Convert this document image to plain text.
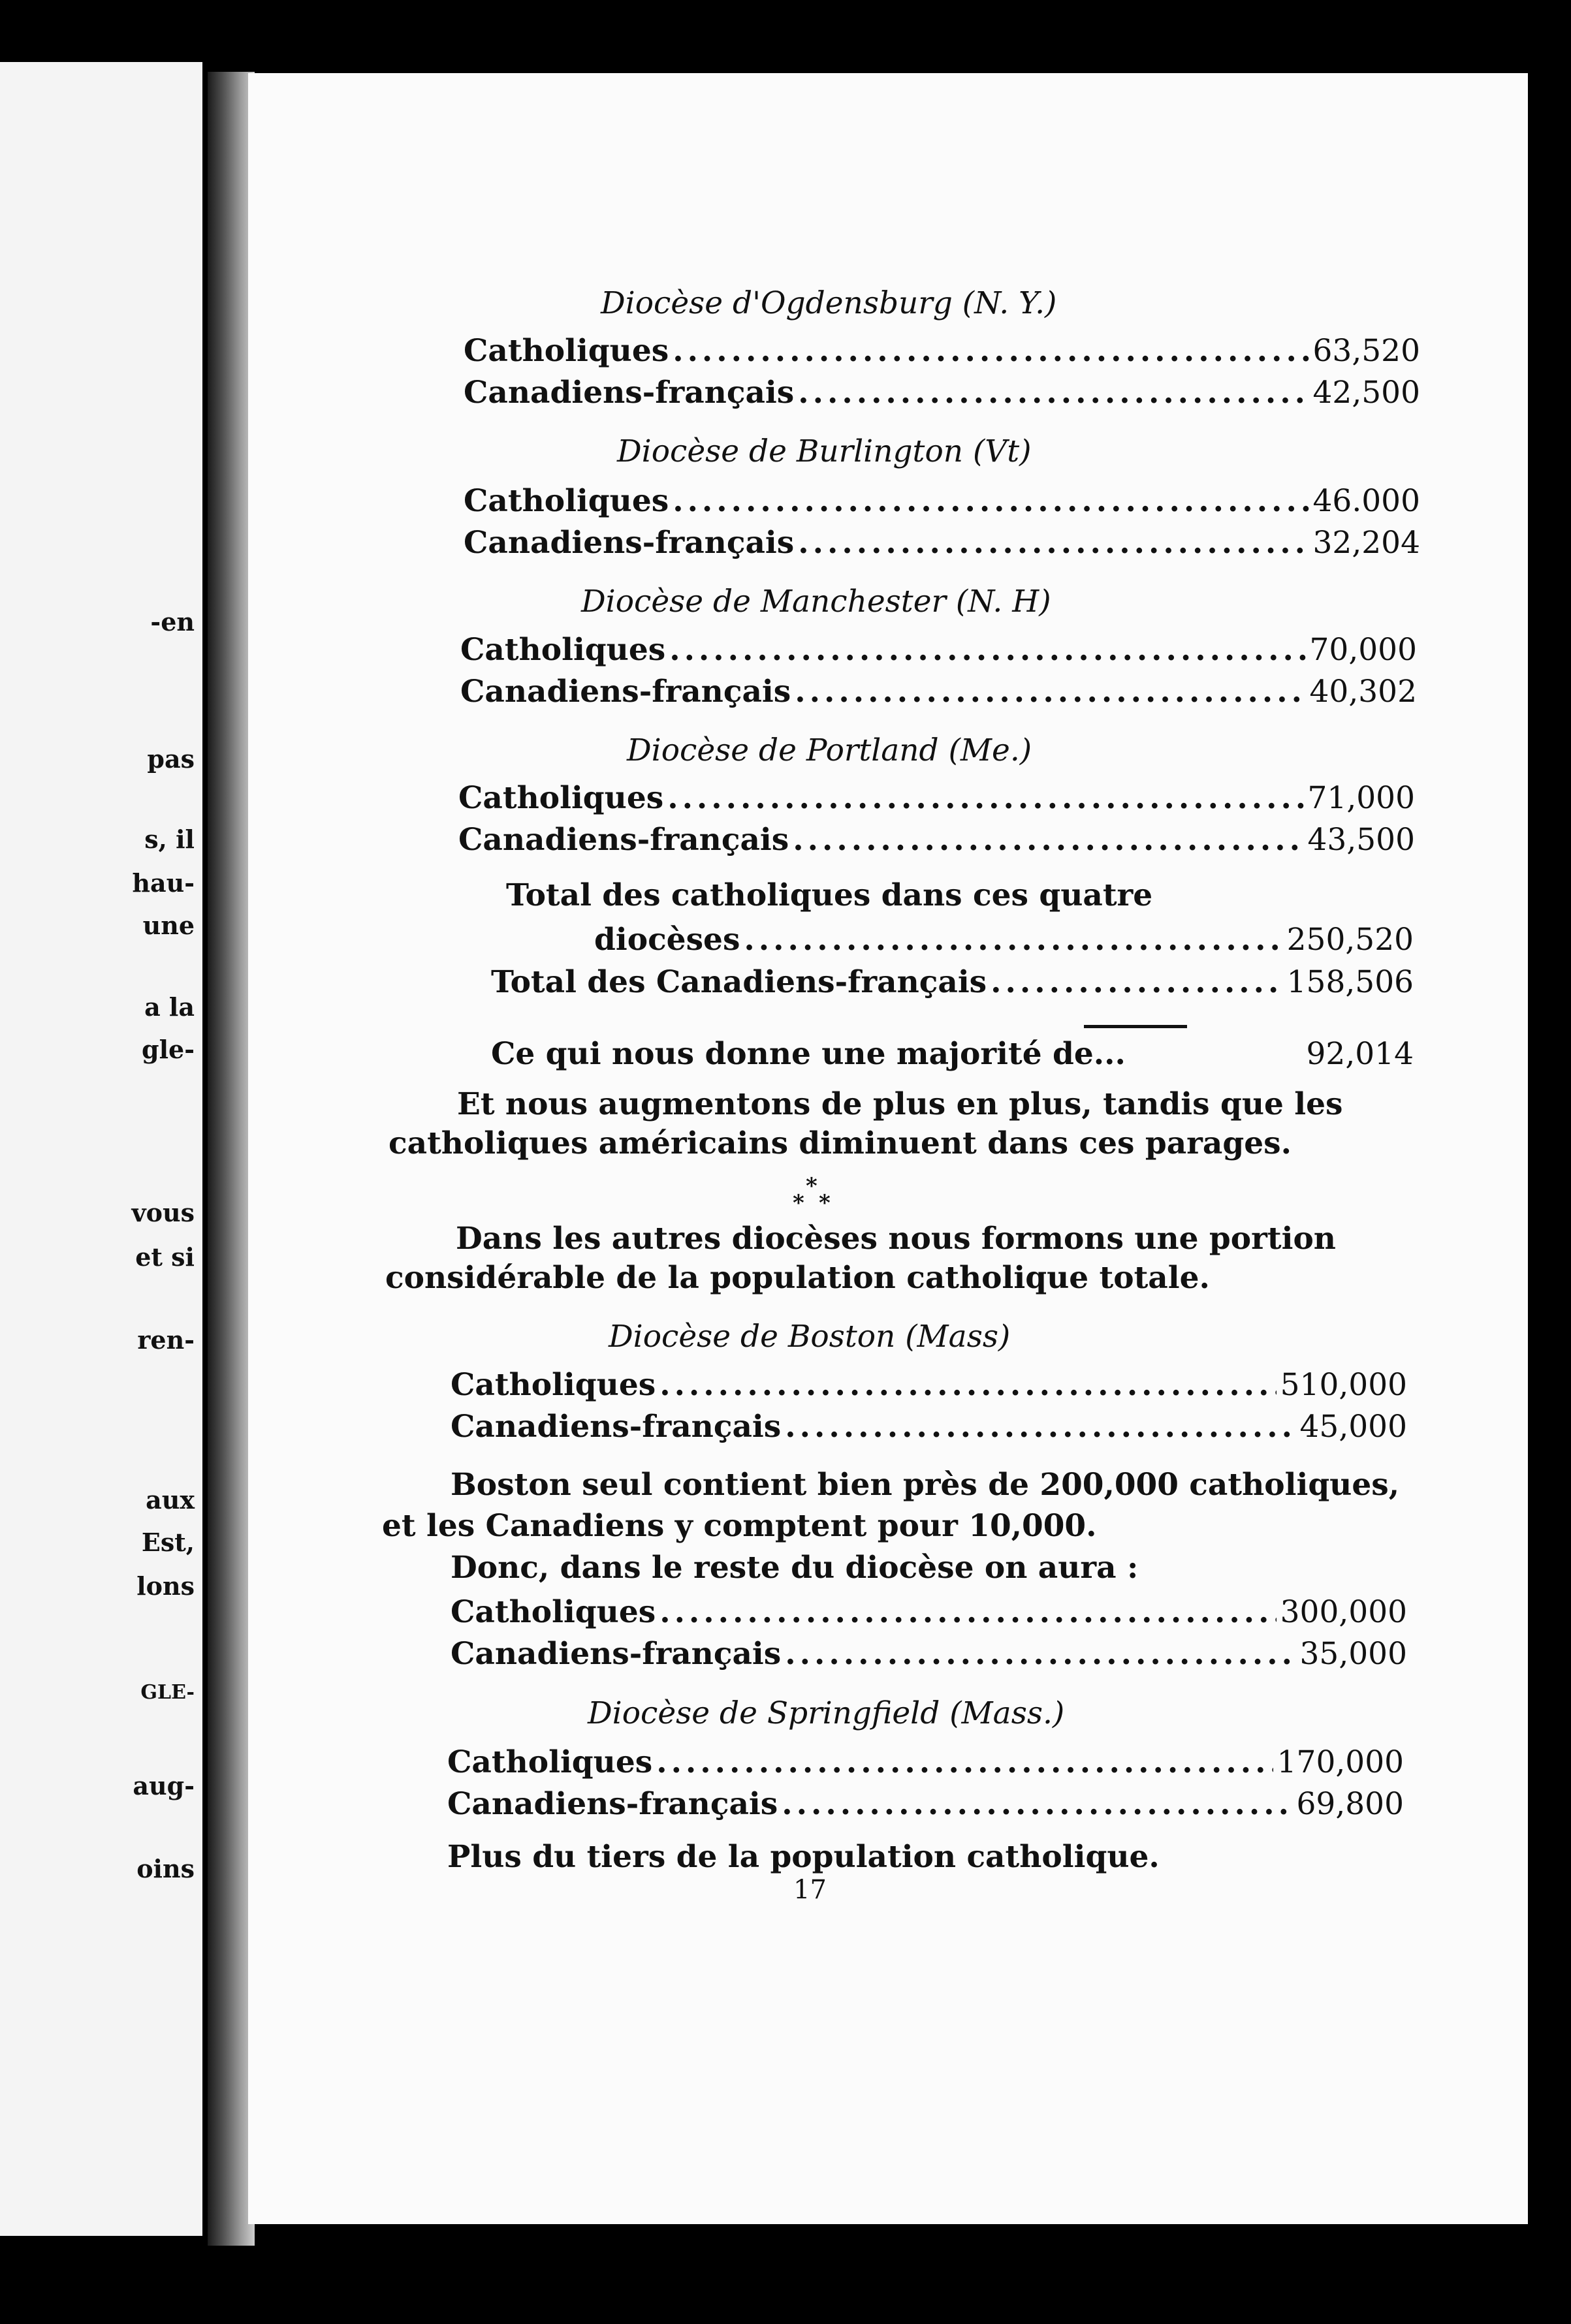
-en
pas
s, il
hau-
une
a la
gle-
vous
et si
ren-
aux
Est,
lons
GLE-
aug-
oins
Diocèse d'Ogdensburg (N. Y.)
Catholiques .....	63,520
Canadiens-français .....	42,500
Diocèse de Burlington (Vt)
Catholiques .....	46.000
Canadiens-français .....	32,204
Diocèse de Manchester (N. H)
Catholiques .....	70,000
Canadiens-français .....	40,302
Diocèse de Portland (Me.)
Catholiques .....	71,000
Canadiens-français .....	43,500
Total des catholiques dans ces quatre
diocèses .....	250,520
Total des Canadiens-français .....	158,506
Ce qui nous donne une majorité de...	92,014
Et nous augmentons de plus en plus, tandis que les
catholiques américains diminuent dans ces parages.
*
* *
Dans les autres diocèses nous formons une portion
considérable de la population catholique totale.
Diocèse de Boston (Mass)
Catholiques .....	510,000
Canadiens-français .....	45,000
Boston seul contient bien près de 200,000 catholiques,
et les Canadiens y comptent pour 10,000.
Donc, dans le reste du diocèse on aura :
Catholiques .....	300,000
Canadiens-français .....	35,000
Diocèse de Springfield (Mass.)
Catholiques .....	170,000
Canadiens-français .....	69,800
Plus du tiers de la population catholique.
17
